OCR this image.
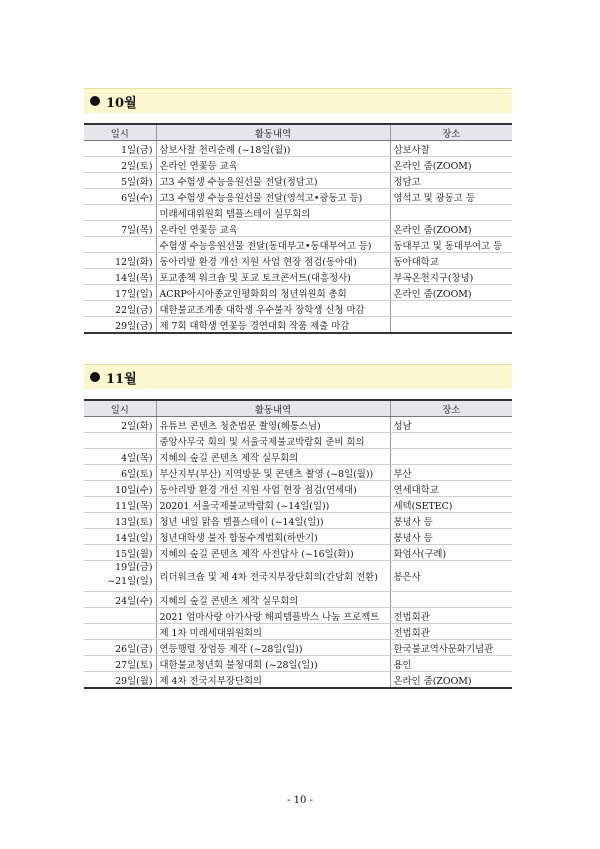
10월
일시	활동내역	장소
1일(금)	삼보사찰 천리순례 (~18일(월))	삼보사찰
2일(토)	온라인 연꽃등 교육	온라인 줌(ZOOM)
5일(화)	고3 수험생 수능응원선물 전달(정담고)	정담고
6일(수)	고3 수험생 수능응원선물 전달(영석고•광동고 등)	영석고 및 광동고 등
	미래세대위원회 템플스테이 실무회의	
7일(목)	온라인 연꽃등 교육	온라인 줌(ZOOM)
	수험생 수능응원선물 전달(동대부고•동대부여고 등)	동대부고 및 동대부여고 등
12일(화)	동아리방 환경 개선 지원 사업 현장 점검(동아대)	동아대학교
14일(목)	포교종책 워크숍 및 포교 토크콘서트(대흥정사)	부곡온천지구(창녕)
17일(일)	ACRP아시아종교인평화회의 청년위원회 총회	온라인 줌(ZOOM)
22일(금)	대한불교조계종 대학생 우수불자 장학생 신청 마감	
29일(금)	제 7회 대학생 연꽃등 경연대회 작품 제출 마감	
11월
일시	활동내역	장소
2일(화)	유튜브 콘텐츠 청춘법문 촬영(혜통스님)	성남
	중앙사무국 회의 및 서울국제불교박람회 준비 회의	
4일(목)	지혜의 숲길 콘텐츠 제작 실무회의	
6일(토)	부산지부(부산) 지역방문 및 콘텐츠 촬영 (~8일(월))	부산
10일(수)	동아리방 환경 개선 지원 사업 현장 점검(연세대)	연세대학교
11일(목)	20201 서울국제불교박람회 (~14일(일))	세텍(SETEC)
13일(토)	청년 내일 맑음 템플스테이 (~14일(일))	봉녕사 등
14일(일)	청년대학생 불자 합동수계법회(하반기)	봉녕사 등
15일(월)	지혜의 숲길 콘텐츠 제작 사전답사 (~16일(화))	화엄사(구례)
19일(금)
~21일(일)	리더워크숍 및 제 4차 전국지부장단회의(간담회 전환)	봉은사
24일(수)	지혜의 숲길 콘텐츠 제작 실무회의	
	2021 엄마사랑 아가사랑 해피템플박스 나눔 프로젝트	전법회관
	제 1차 미래세대위원회의	전법회관
26일(금)	연등행렬 장엄등 제작 (~28일(일))	한국불교역사문화기념관
27일(토)	대한불교청년회 불청대회 (~28일(일))	용인
29일(월)	제 4차 전국지부장단회의	온라인 줌(ZOOM)
- 10 -
